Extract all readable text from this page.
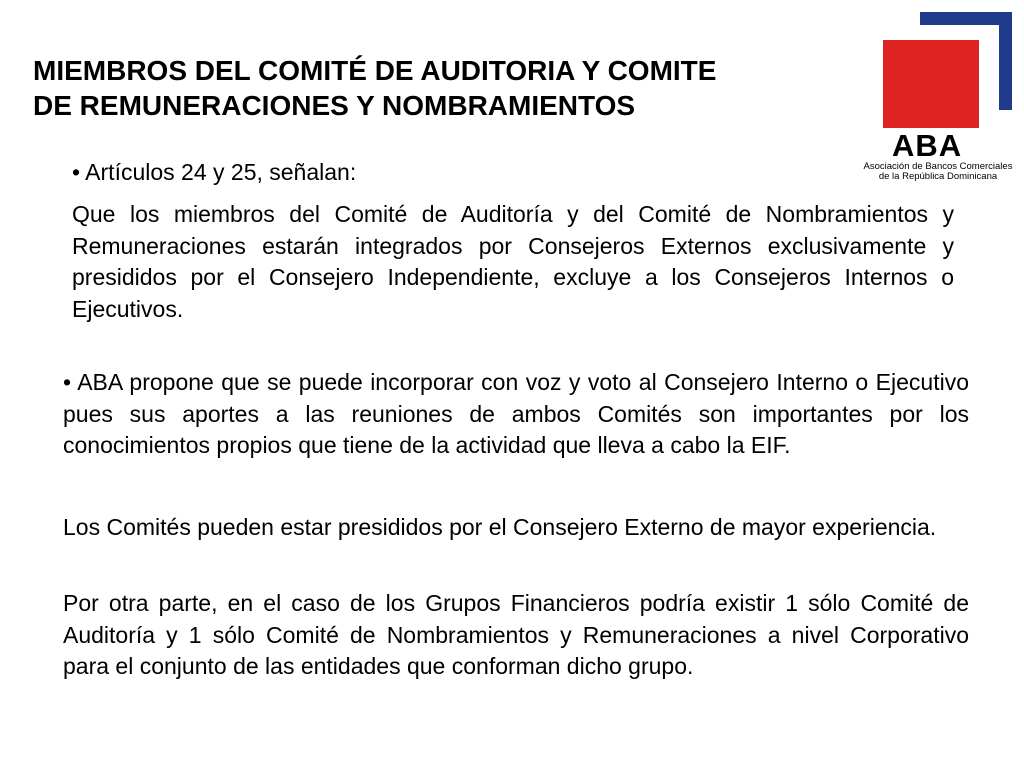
MIEMBROS DEL COMITÉ DE AUDITORIA Y COMITE
DE REMUNERACIONES Y NOMBRAMIENTOS
ABA
Asociación de Bancos Comerciales
de la República Dominicana
• Artículos 24 y 25, señalan:
Que los miembros del Comité de Auditoría y del Comité de Nombramientos y Remuneraciones estarán integrados por Consejeros Externos exclusivamente y presididos por el Consejero Independiente, excluye a los Consejeros Internos o Ejecutivos.
• ABA propone que se puede incorporar con voz y voto al Consejero Interno o Ejecutivo pues sus aportes a las reuniones de ambos Comités son importantes por los conocimientos propios que tiene de la actividad que lleva a cabo la EIF.
Los Comités pueden estar presididos por el Consejero Externo de mayor experiencia.
Por otra parte, en el caso de los Grupos Financieros podría existir 1 sólo Comité de Auditoría y 1 sólo Comité de Nombramientos y Remuneraciones a nivel Corporativo para el conjunto de las entidades que conforman dicho grupo.
